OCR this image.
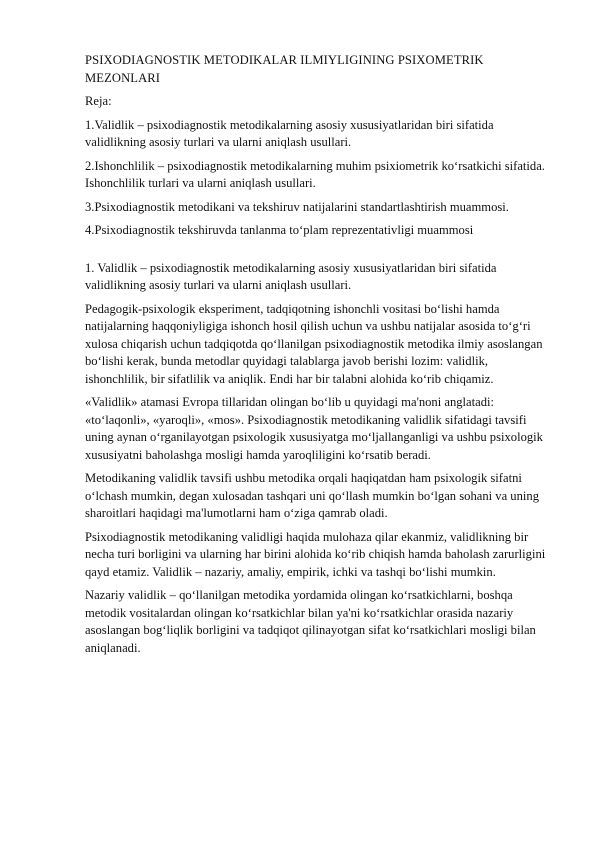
PSIXODIAGNOSTIK METODIKALAR ILMIYLIGINING PSIXOMETRIK MEZONLARI
Reja:
1.Validlik – psixodiagnostik metodikalarning asosiy xususiyatlaridan biri sifatida validlikning asosiy turlari va ularni aniqlash usullari.
2.Ishonchlilik – psixodiagnostik metodikalarning muhim psixiometrik ko‘rsatkichi sifatida. Ishonchlilik turlari va ularni aniqlash usullari.
3.Psixodiagnostik metodikani va tekshiruv natijalarini standartlashtirish muammosi.
4.Psixodiagnostik tekshiruvda tanlanma to‘plam reprezentativligi muammosi
1. Validlik – psixodiagnostik metodikalarning asosiy xususiyatlaridan biri sifatida validlikning asosiy turlari va ularni aniqlash usullari.
Pedagogik-psixologik eksperiment, tadqiqotning ishonchli vositasi bo‘lishi hamda natijalarning haqqoniyligiga ishonch hosil qilish uchun va ushbu natijalar asosida to‘g‘ri xulosa chiqarish uchun tadqiqotda qo‘llanilgan psixodiagnostik metodika ilmiy asoslangan bo‘lishi kerak, bunda metodlar quyidagi talablarga javob berishi lozim: validlik, ishonchlilik, bir sifatlilik va aniqlik. Endi har bir talabni alohida ko‘rib chiqamiz.
«Validlik» atamasi Evropa tillaridan olingan bo‘lib u quyidagi ma'noni anglatadi: «to‘laqonli», «yaroqli», «mos». Psixodiagnostik metodikaning validlik sifatidagi tavsifi uning aynan o‘rganilayotgan psixologik xususiyatga mo‘ljallanganligi va ushbu psixologik xususiyatni baholashga mosligi hamda yaroqliligini ko‘rsatib beradi.
Metodikaning validlik tavsifi ushbu metodika orqali haqiqatdan ham psixologik sifatni o‘lchash mumkin, degan xulosadan tashqari uni qo‘llash mumkin bo‘lgan sohani va uning sharoitlari haqidagi ma'lumotlarni ham o‘ziga qamrab oladi.
Psixodiagnostik metodikaning validligi haqida mulohaza qilar ekanmiz, validlikning bir necha turi borligini va ularning har birini alohida ko‘rib chiqish hamda baholash zarurligini qayd etamiz. Validlik – nazariy, amaliy, empirik, ichki va tashqi bo‘lishi mumkin.
Nazariy validlik – qo‘llanilgan metodika yordamida olingan ko‘rsatkichlarni, boshqa metodik vositalardan olingan ko‘rsatkichlar bilan ya'ni ko‘rsatkichlar orasida nazariy asoslangan bog‘liqlik borligini va tadqiqot qilinayotgan sifat ko‘rsatkichlari mosligi bilan aniqlanadi.
